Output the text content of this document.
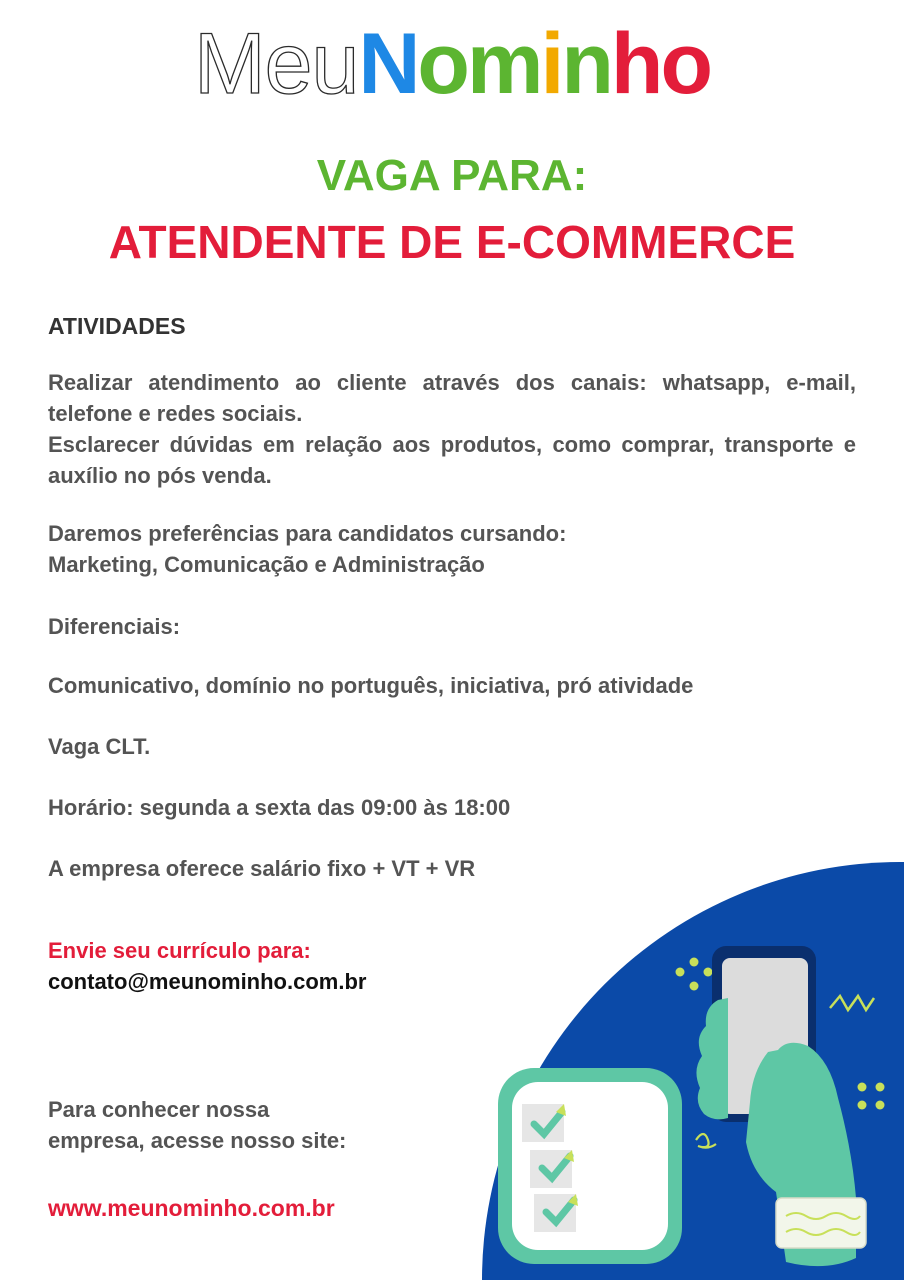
MeuNominho
VAGA PARA:
ATENDENTE DE E-COMMERCE
ATIVIDADES

Realizar atendimento ao cliente através dos canais: whatsapp, e-mail, telefone e redes sociais.

Esclarecer dúvidas em relação aos produtos, como comprar, transporte e auxílio no pós venda.

Daremos preferências para candidatos cursando:

Marketing, Comunicação e Administração

Diferenciais:

Comunicativo, domínio no português, iniciativa, pró atividade

Vaga CLT.

Horário: segunda a sexta das 09:00 às 18:00

A empresa oferece salário fixo + VT + VR

Envie seu currículo para:

contato@meunominho.com.br

Para conhecer nossa

empresa, acesse nosso site:

www.meunominho.com.br
